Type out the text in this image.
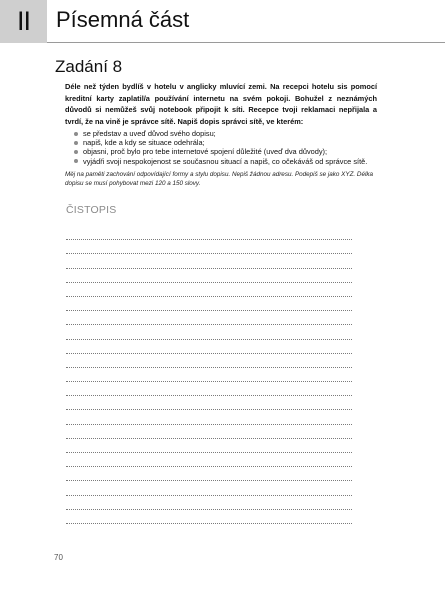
II Písemná část
Zadání 8
Déle než týden bydlíš v hotelu v anglicky mluvící zemi. Na recepci hotelu sis pomocí kreditní karty zaplatil/a používání internetu na svém pokoji. Bohužel z neznámých důvodů si nemůžeš svůj notebook připojit k síti. Recepce tvoji reklamaci nepřijala a tvrdí, že na vině je správce sítě. Napiš dopis správci sítě, ve kterém:
se představ a uveď důvod svého dopisu;
napiš, kde a kdy se situace odehrála;
objasni, proč bylo pro tebe internetové spojení důležité (uveď dva důvody);
vyjádři svoji nespokojenost se současnou situací a napiš, co očekáváš od správce sítě.
Měj na paměti zachování odpovídající formy a stylu dopisu. Nepiš žádnou adresu. Podepiš se jako XYZ. Délka dopisu se musí pohybovat mezi 120 a 150 slovy.
ČISTOPIS
70
